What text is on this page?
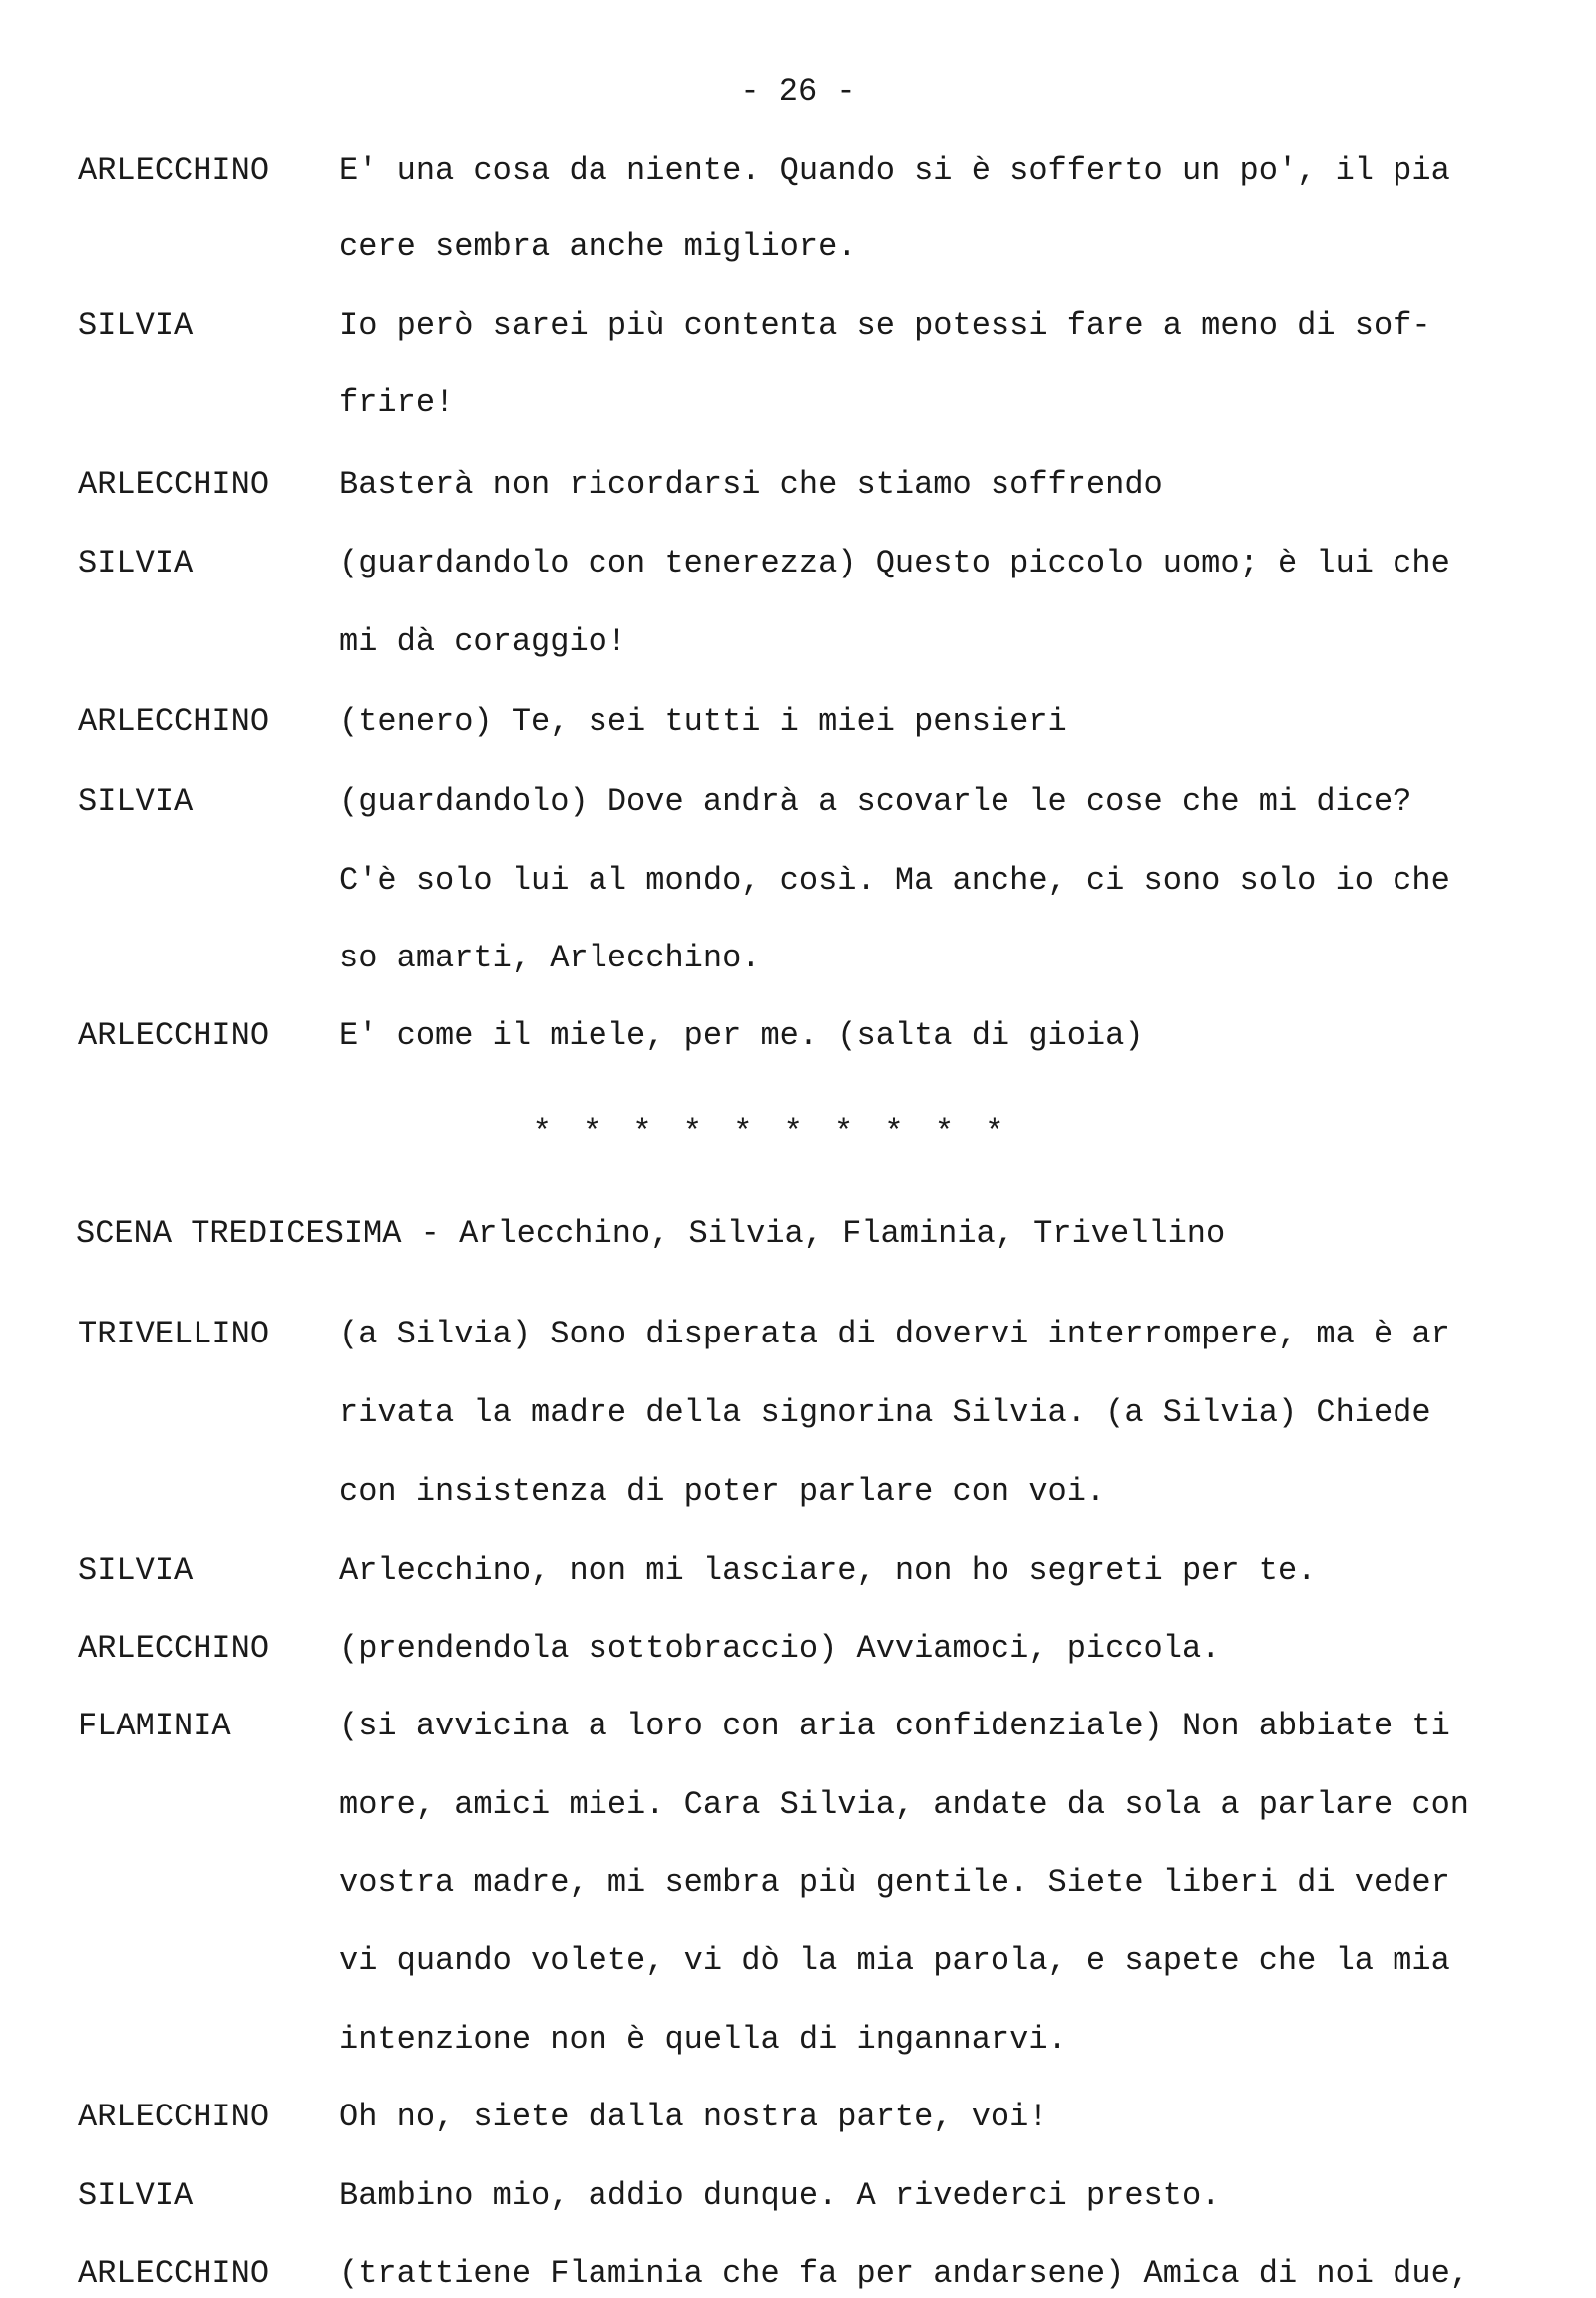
- 26 -
ARLECCHINO E' una cosa da niente. Quando si è sofferto un po', il pia
cere sembra anche migliore.
SILVIA	Io però sarei più contenta se potessi fare a meno di sof-
frire!
ARLECCHINO Basterà non ricordarsi che stiamo soffrendo
SILVIA	(guardandolo con tenerezza) Questo piccolo uomo; è lui che
mi dà coraggio!
ARLECCHINO (tenero) Te, sei tutti i miei pensieri
SILVIA	(guardandolo) Dove andrà a scovarle le cose che mi dice?
C'è solo lui al mondo, così. Ma anche, ci sono solo io che
so amarti, Arlecchino.
ARLECCHINO E' come il miele, per me. (salta di gioia)
* * * * * * * * * *
SCENA TREDICESIMA - Arlecchino, Silvia, Flaminia, Trivellino
TRIVELLINO (a Silvia) Sono disperata di dovervi interrompere, ma è ar
rivata la madre della signorina Silvia. (a Silvia) Chiede
con insistenza di poter parlare con voi.
SILVIA	Arlecchino, non mi lasciare, non ho segreti per te.
ARLECCHINO (prendendola sottobraccio) Avviamoci, piccola.
FLAMINIA	(si avvicina a loro con aria confidenziale) Non abbiate ti
more, amici miei. Cara Silvia, andate da sola a parlare con
vostra madre, mi sembra più gentile. Siete liberi di veder
vi quando volete, vi dò la mia parola, e sapete che la mia
intenzione non è quella di ingannarvi.
ARLECCHINO Oh no, siete dalla nostra parte, voi!
SILVIA	Bambino mio, addio dunque. A rivederci presto.
ARLECCHINO (trattiene Flaminia che fa per andarsene) Amica di noi due,
